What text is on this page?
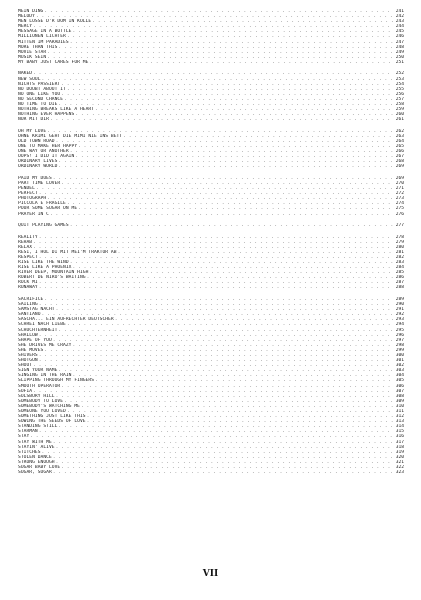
MEIN DING . . .	241
MELODY . . .	242
MEN LOSSE D'R DOM IN KÖLLE . . .	243
MERCY . . .	244
MESSAGE IN A BOTTLE . . .	245
MILLIONEN LICHTER . . .	246
MITTEN IM PARADIES . . .	247
MORE THAN THIS . . .	248
MOVIE STAR . . .	249
MUSIK SEIN . . .	250
MY BABY JUST CARES FOR ME . . .	251
NAKED . . .	252
NEW SOUL . . .	253
NICHTS PASSIERT . . .	254
NO DOUBT ABOUT IT . . .	255
NO ONE LIKE YOU . . .	256
NO SECOND CHANCE . . .	257
NO TIME TO DIE . . .	258
NOTHING BREAKS LIKE A HEART . . .	259
NOTHING EVER HAPPENS . . .	260
NUR MIT DIR . . .	261
OH MY LOVE . . .	262
OHNE KRIMI GEHT DIE MIMI NIE INS BETT . . .	263
OLD TOWN ROAD . . .	264
ONE TO MAKE HER HAPPY . . .	265
ONE WAY OR ANOTHER . . .	266
OOPS! I DID IT AGAIN . . .	267
ORDINARY LIVES . . .	268
ORDINARY WORLD . . .	269
PAID MY DUES . . .	269
PART TIME LOVER . . .	270
PENDEL . . .	271
PERFECT . . .	272
PHOTOGRAPH . . .	273
PICCOLA E FRAGILE . . .	274
POUR SOME SUGAR ON ME . . .	275
PRAYER IN C . . .	276
QUIT PLAYING GAMES . . .	277
REALITY . . .	278
REHAB . . .	279
RELAX . . .	280
RESI, I HOL DI MIT MEI'M TRAKTOR AB . . .	281
RESPECT . . .	282
RISE LIKE THE WIND . . .	283
RISE LIKE A PHOENIX . . .	284
RIVER DEEP, MOUNTAIN HIGH . . .	285
ROBERT DE NIRO'S WAITING . . .	286
ROCK MI . . .	287
RUNAWAY . . .	288
SACRIFICE . . .	289
SAILING . . .	290
SAMSTAG NACHT . . .	291
SANTIANO . . .	292
SASCHA... EIN AUFRECHTER DEUTSCHER . . .	293
SCHREI NACH LIEBE . . .	294
SCHÜCHTERNHEIT . . .	295
SHALLOW . . .	296
SHAPE OF YOU . . .	297
SHE DRIVES ME CRAZY . . .	298
SHE MOVES . . .	299
SHIVERS . . .	300
SHOTGUN . . .	301
SHOUT . . .	302
SIGN YOUR NAME . . .	303
SINGING IN THE RAIN . . .	304
SLIPPING THROUGH MY FINGERS . . .	305
SMOOTH OPERATOR . . .	306
SOFIA . . .	307
SOLSBURY HILL . . .	308
SOMEBODY TO LOVE . . .	309
SOMEBODY'S WATCHING ME . . .	310
SOMEONE YOU LOVED . . .	311
SOMETHING JUST LIKE THIS . . .	312
SOWING THE SEEDS OF LOVE . . .	313
STANDING STILL . . .	314
STARMAN . . .	315
STAY . . .	316
STAY WITH ME . . .	317
STAYIN' ALIVE . . .	318
STITCHES . . .	319
STOLEN DANCE . . .	320
STRONG ENOUGH . . .	321
SUGAR BABY LOVE . . .	322
SUGAR, SUGAR . . .	323
VII
